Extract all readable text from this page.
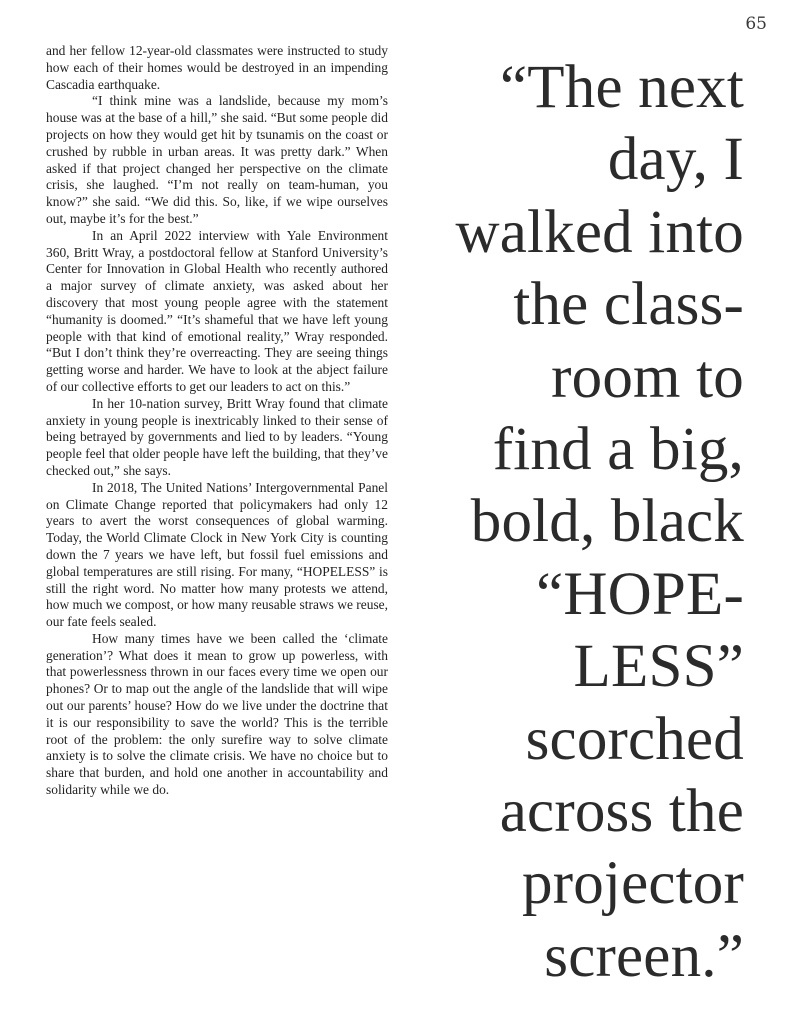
65

and her fellow 12-year-old classmates were instructed to study how each of their homes would be destroyed in an impending Cascadia earthquake.

“I think mine was a landslide, because my mom’s house was at the base of a hill,” she said. “But some people did projects on how they would get hit by tsunamis on the coast or crushed by rubble in urban areas. It was pretty dark.” When asked if that project changed her perspective on the climate crisis, she laughed. “I’m not really on team-human, you know?” she said. “We did this. So, like, if we wipe ourselves out, maybe it’s for the best.”

In an April 2022 interview with Yale Environment 360, Britt Wray, a postdoctoral fellow at Stanford University’s Center for Innovation in Global Health who recently authored a major survey of climate anxiety, was asked about her discovery that most young people agree with the statement “humanity is doomed.” “It’s shameful that we have left young people with that kind of emotional reality,” Wray responded. “But I don’t think they’re overreacting. They are seeing things getting worse and harder. We have to look at the abject failure of our collective efforts to get our leaders to act on this.”

In her 10-nation survey, Britt Wray found that climate anxiety in young people is inextricably linked to their sense of being betrayed by governments and lied to by leaders. “Young people feel that older people have left the building, that they’ve checked out,” she says.

In 2018, The United Nations’ Intergovernmental Panel on Climate Change reported that policymakers had only 12 years to avert the worst consequences of global warming. Today, the World Climate Clock in New York City is counting down the 7 years we have left, but fossil fuel emissions and global temperatures are still rising. For many, “HOPELESS” is still the right word. No matter how many protests we attend, how much we compost, or how many reusable straws we reuse, our fate feels sealed.

How many times have we been called the ‘climate generation’? What does it mean to grow up powerless, with that powerlessness thrown in our faces every time we open our phones? Or to map out the angle of the landslide that will wipe out our parents’ house? How do we live under the doctrine that it is our responsibility to save the world? This is the terrible root of the problem: the only surefire way to solve climate anxiety is to solve the climate crisis. We have no choice but to share that burden, and hold one another in accountability and solidarity while we do.

“The next
day, I
walked into
the class-
room to
find a big,
bold, black
“HOPE-
LESS”
scorched
across the
projector
screen.”
